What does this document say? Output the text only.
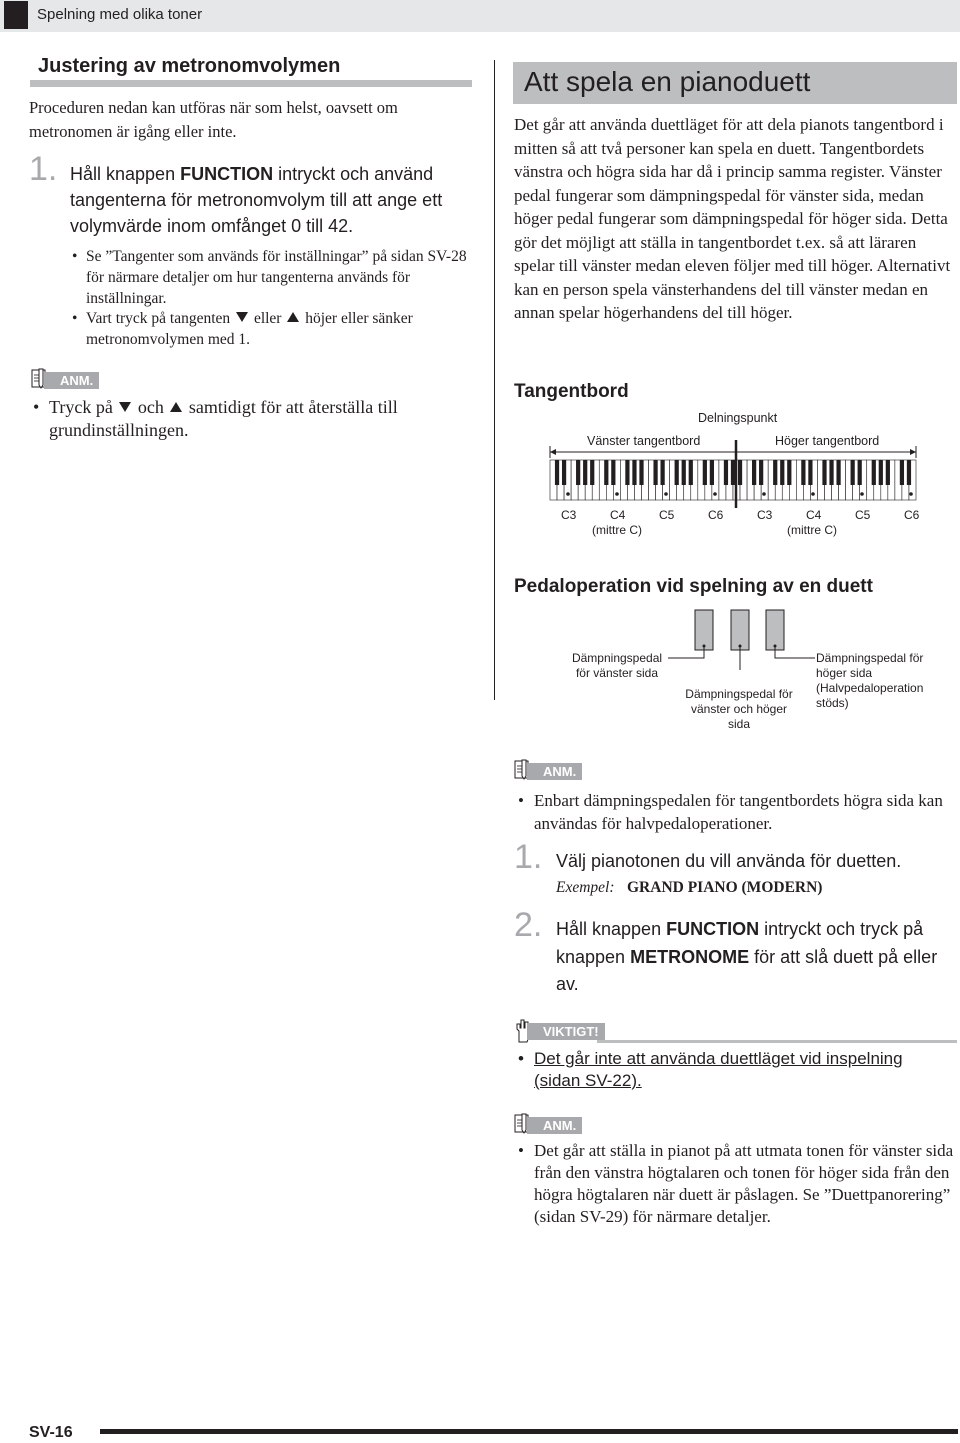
Spelning med olika toner
Justering av metronomvolymen
Proceduren nedan kan utföras när som helst, oavsett om metronomen är igång eller inte.
1. Håll knappen FUNCTION intryckt och använd tangenterna för metronomvolym till att ange ett volymvärde inom omfånget 0 till 42.
• Se ”Tangenter som används för inställningar” på sidan SV-28 för närmare detaljer om hur tangenterna används för inställningar.
• Vart tryck på tangenten eller höjer eller sänker metronomvolymen med 1.
ANM.
• Tryck på och samtidigt för att återställa till grundinställningen.
Att spela en pianoduett
Det går att använda duettläget för att dela pianots tangentbord i mitten så att två personer kan spela en duett. Tangentbordets vänstra och högra sida har då i princip samma register. Vänster pedal fungerar som dämpningspedal för vänster sida, medan höger pedal fungerar som dämpningspedal för höger sida. Detta gör det möjligt att ställa in tangentbordet t.ex. så att läraren spelar till vänster medan eleven följer med till höger. Alternativt kan en person spela vänsterhandens del till vänster medan en annan spelar högerhandens del till höger.
Tangentbord
Delningspunkt
Vänster tangentbord	Höger tangentbord
C3	C4	C5	C6	C3	C4	C5	C6
(mittre C)	(mittre C)
Pedaloperation vid spelning av en duett
Dämpningspedal för vänster sida
Dämpningspedal för vänster och höger sida
Dämpningspedal för höger sida (Halvpedaloperation stöds)
ANM.
• Enbart dämpningspedalen för tangentbordets högra sida kan användas för halvpedaloperationer.
1. Välj pianotonen du vill använda för duetten.
Exempel: GRAND PIANO (MODERN)
2. Håll knappen FUNCTION intryckt och tryck på knappen METRONOME för att slå duett på eller av.
VIKTIGT!
• Det går inte att använda duettläget vid inspelning (sidan SV-22).
ANM.
• Det går att ställa in pianot på att utmata tonen för vänster sida från den vänstra högtalaren och tonen för höger sida från den högra högtalaren när duett är påslagen. Se ”Duettpanorering” (sidan SV-29) för närmare detaljer.
SV-16
